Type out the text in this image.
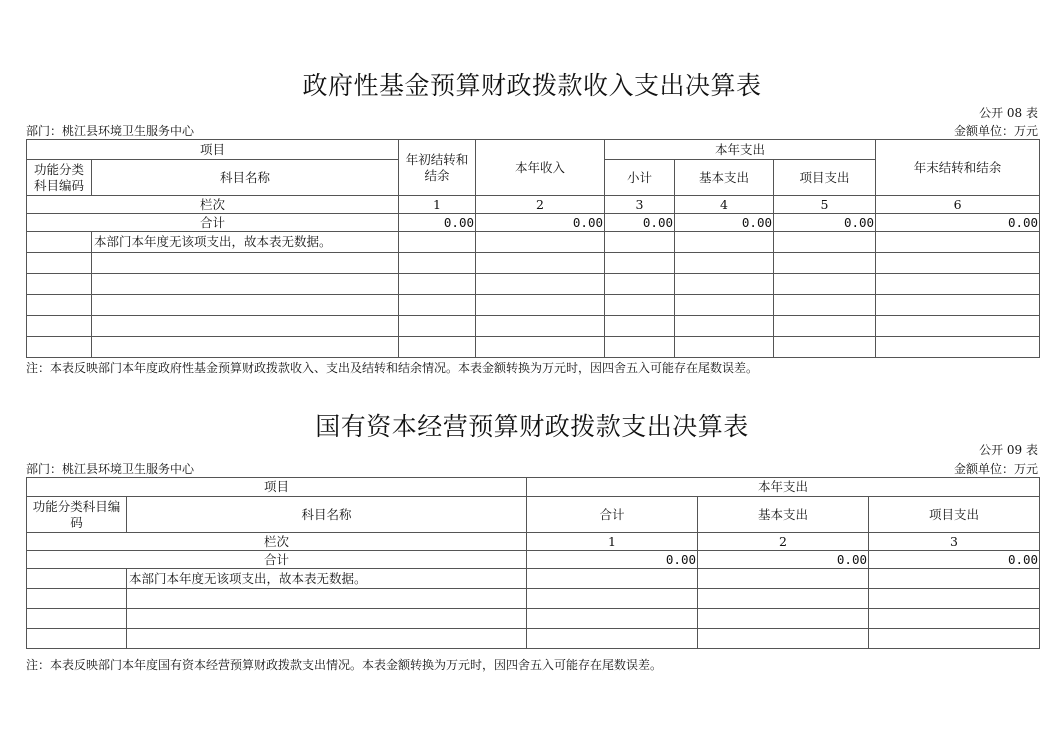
政府性基金预算财政拨款收入支出决算表
公开 08 表
部门：桃江县环境卫生服务中心	金额单位：万元
项目		年初结转和结余	本年收入	本年支出			年末结转和结余
功能分类科目编码	科目名称			小计	基本支出	项目支出	
栏次		1	2	3	4	5	6
合计		0.00	0.00	0.00	0.00	0.00	0.00
	本部门本年度无该项支出，故本表无数据。						

注：本表反映部门本年度政府性基金预算财政拨款收入、支出及结转和结余情况。本表金额转换为万元时，因四舍五入可能存在尾数误差。
国有资本经营预算财政拨款支出决算表
公开 09 表
部门：桃江县环境卫生服务中心	金额单位：万元
项目		本年支出		
功能分类科目编码	科目名称	合计	基本支出	项目支出
栏次		1	2	3
合计		0.00	0.00	0.00
	本部门本年度无该项支出，故本表无数据。			

注：本表反映部门本年度国有资本经营预算财政拨款支出情况。本表金额转换为万元时，因四舍五入可能存在尾数误差。
